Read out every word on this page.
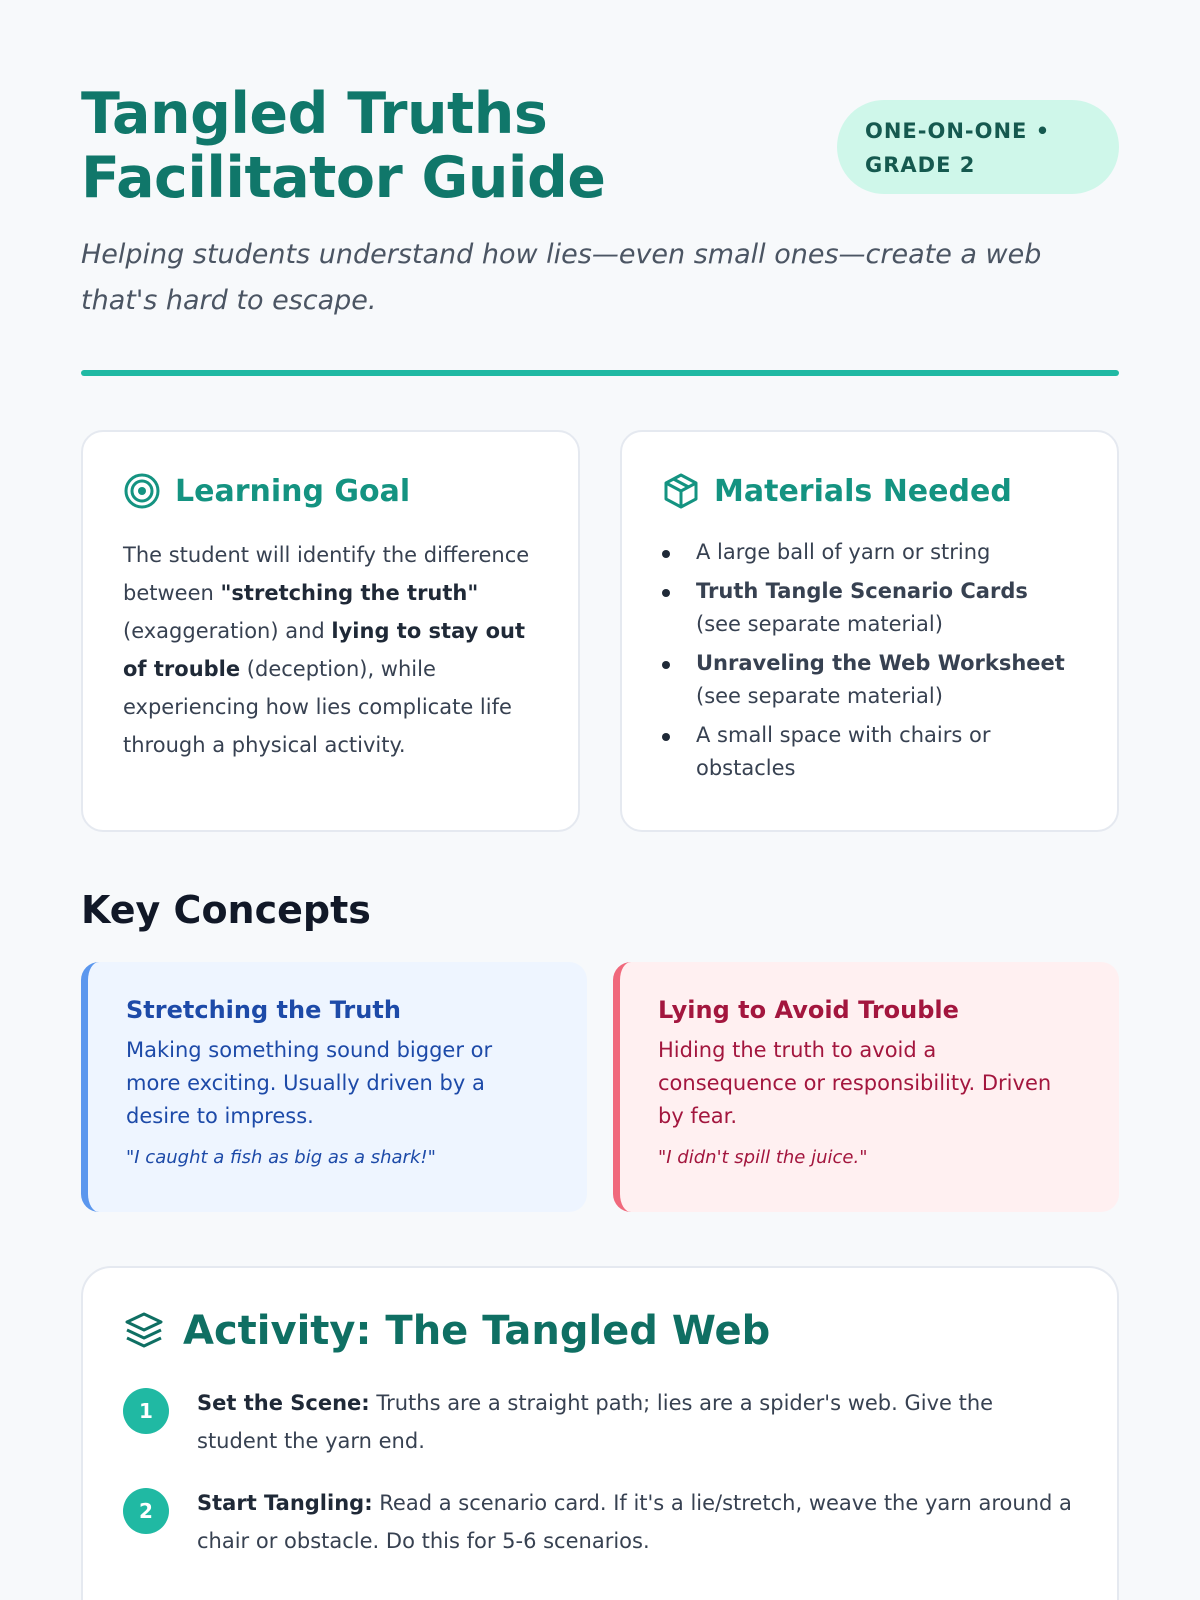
Tangled Truths
Facilitator Guide
ONE-ON-ONE •
GRADE 2

Helping students understand how lies—even small ones—create a web that's hard to escape.

Learning Goal

The student will identify the difference between "stretching the truth" (exaggeration) and lying to stay out of trouble (deception), while experiencing how lies complicate life through a physical activity.

Materials Needed
A large ball of yarn or string
Truth Tangle Scenario Cards (see separate material)
Unraveling the Web Worksheet (see separate material)
A small space with chairs or obstacles
Key Concepts
Stretching the Truth

Making something sound bigger or more exciting. Usually driven by a desire to impress.

"I caught a fish as big as a shark!"

Lying to Avoid Trouble

Hiding the truth to avoid a consequence or responsibility. Driven by fear.

"I didn't spill the juice."

Activity: The Tangled Web
1	Set the Scene: Truths are a straight path; lies are a spider's web. Give the student the yarn end.

2	Start Tangling: Read a scenario card. If it's a lie/stretch, weave the yarn around a chair or obstacle. Do this for 5-6 scenarios.
